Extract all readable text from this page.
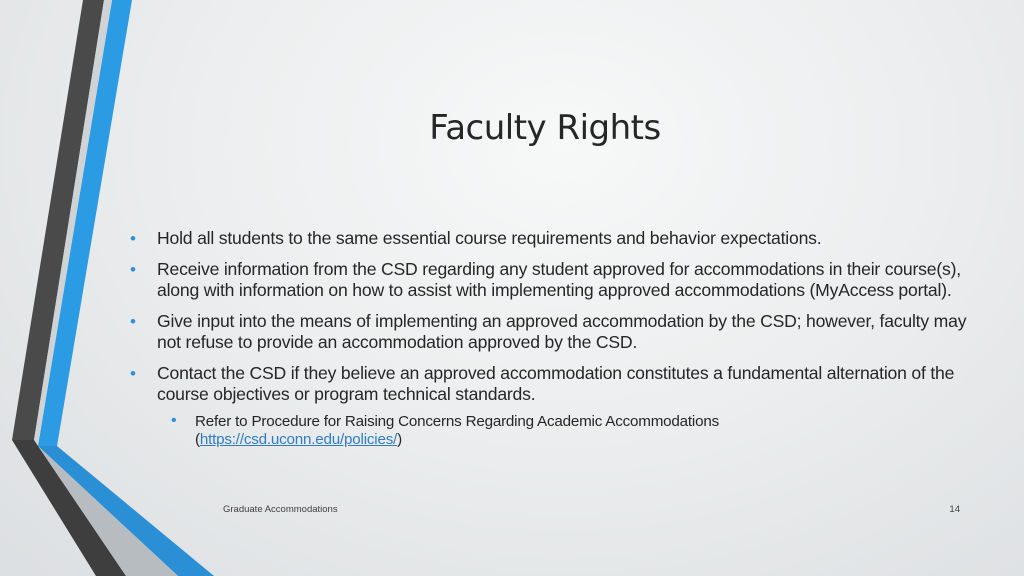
Faculty Rights
• Hold all students to the same essential course requirements and behavior expectations.
• Receive information from the CSD regarding any student approved for accommodations in their course(s), along with information on how to assist with implementing approved accommodations (MyAccess portal).
• Give input into the means of implementing an approved accommodation by the CSD; however, faculty may not refuse to provide an accommodation approved by the CSD.
• Contact the CSD if they believe an approved accommodation constitutes a fundamental alternation of the course objectives or program technical standards.
• Refer to Procedure for Raising Concerns Regarding Academic Accommodations
(https://csd.uconn.edu/policies/)
Graduate Accommodations	14
